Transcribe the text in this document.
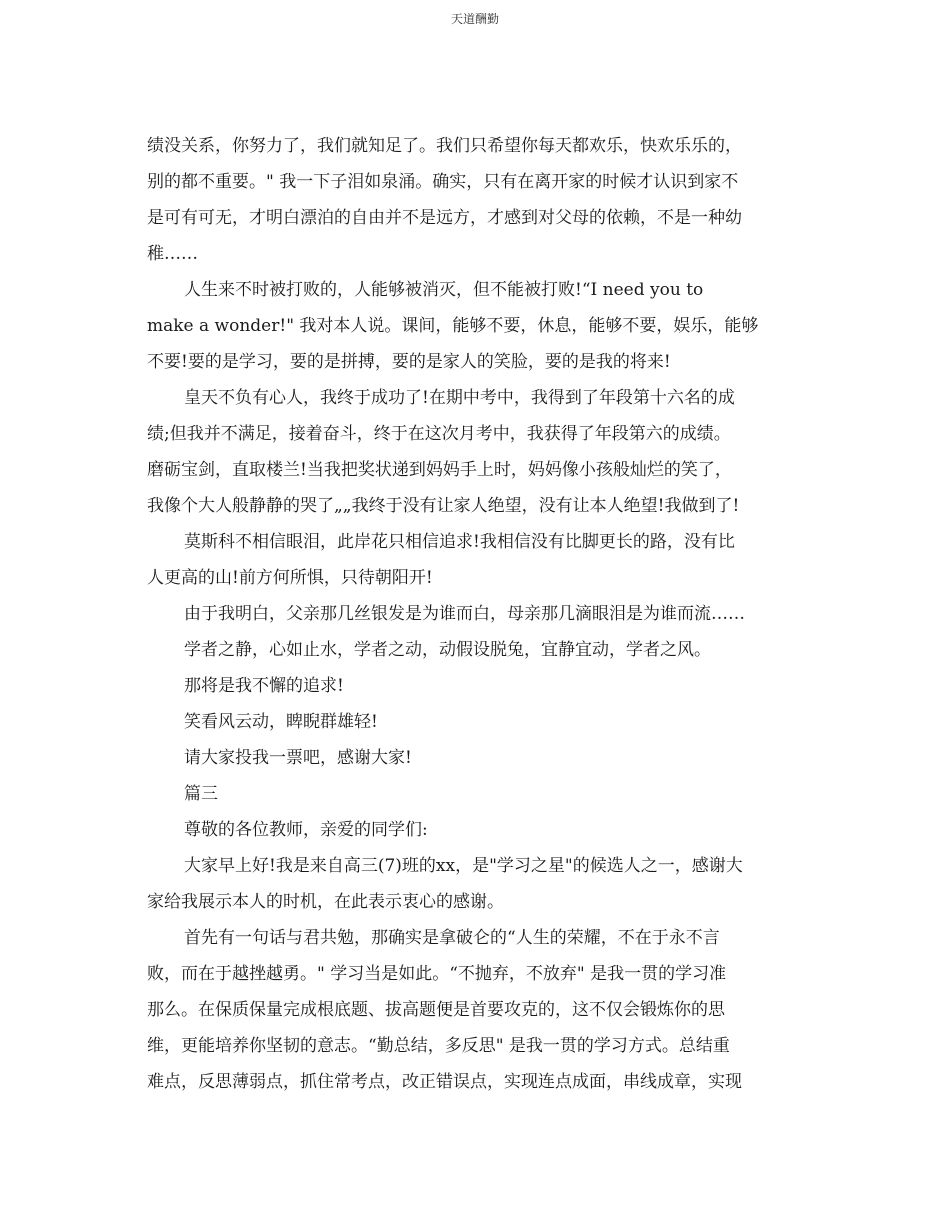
天道酬勤
绩没关系，你努力了，我们就知足了。我们只希望你每天都欢乐，快欢乐乐的，
别的都不重要。" 我一下子泪如泉涌。确实，只有在离开家的时候才认识到家不
是可有可无，才明白漂泊的自由并不是远方，才感到对父母的依赖，不是一种幼
稚……
人生来不时被打败的，人能够被消灭，但不能被打败!“I need you to
make a wonder!" 我对本人说。课间，能够不要，休息，能够不要，娱乐，能够
不要!要的是学习，要的是拼搏，要的是家人的笑脸，要的是我的将来!
皇天不负有心人，我终于成功了!在期中考中，我得到了年段第十六名的成
绩;但我并不满足，接着奋斗，终于在这次月考中，我获得了年段第六的成绩。
磨砺宝剑，直取楼兰!当我把奖状递到妈妈手上时，妈妈像小孩般灿烂的笑了，
我像个大人般静静的哭了„„我终于没有让家人绝望，没有让本人绝望!我做到了!
莫斯科不相信眼泪，此岸花只相信追求!我相信没有比脚更长的路，没有比
人更高的山!前方何所惧，只待朝阳开!
由于我明白，父亲那几丝银发是为谁而白，母亲那几滴眼泪是为谁而流……
学者之静，心如止水，学者之动，动假设脱兔，宜静宜动，学者之风。
那将是我不懈的追求!
笑看风云动，睥睨群雄轻!
请大家投我一票吧，感谢大家!
篇三
尊敬的各位教师，亲爱的同学们:
大家早上好!我是来自高三(7)班的xx，是"学习之星"的候选人之一，感谢大
家给我展示本人的时机，在此表示衷心的感谢。
首先有一句话与君共勉，那确实是拿破仑的“人生的荣耀，不在于永不言
败，而在于越挫越勇。" 学习当是如此。“不抛弃，不放弃" 是我一贯的学习准
那么。在保质保量完成根底题、拔高题便是首要攻克的，这不仅会锻炼你的思
维，更能培养你坚韧的意志。“勤总结，多反思" 是我一贯的学习方式。总结重
难点，反思薄弱点，抓住常考点，改正错误点，实现连点成面，串线成章，实现
